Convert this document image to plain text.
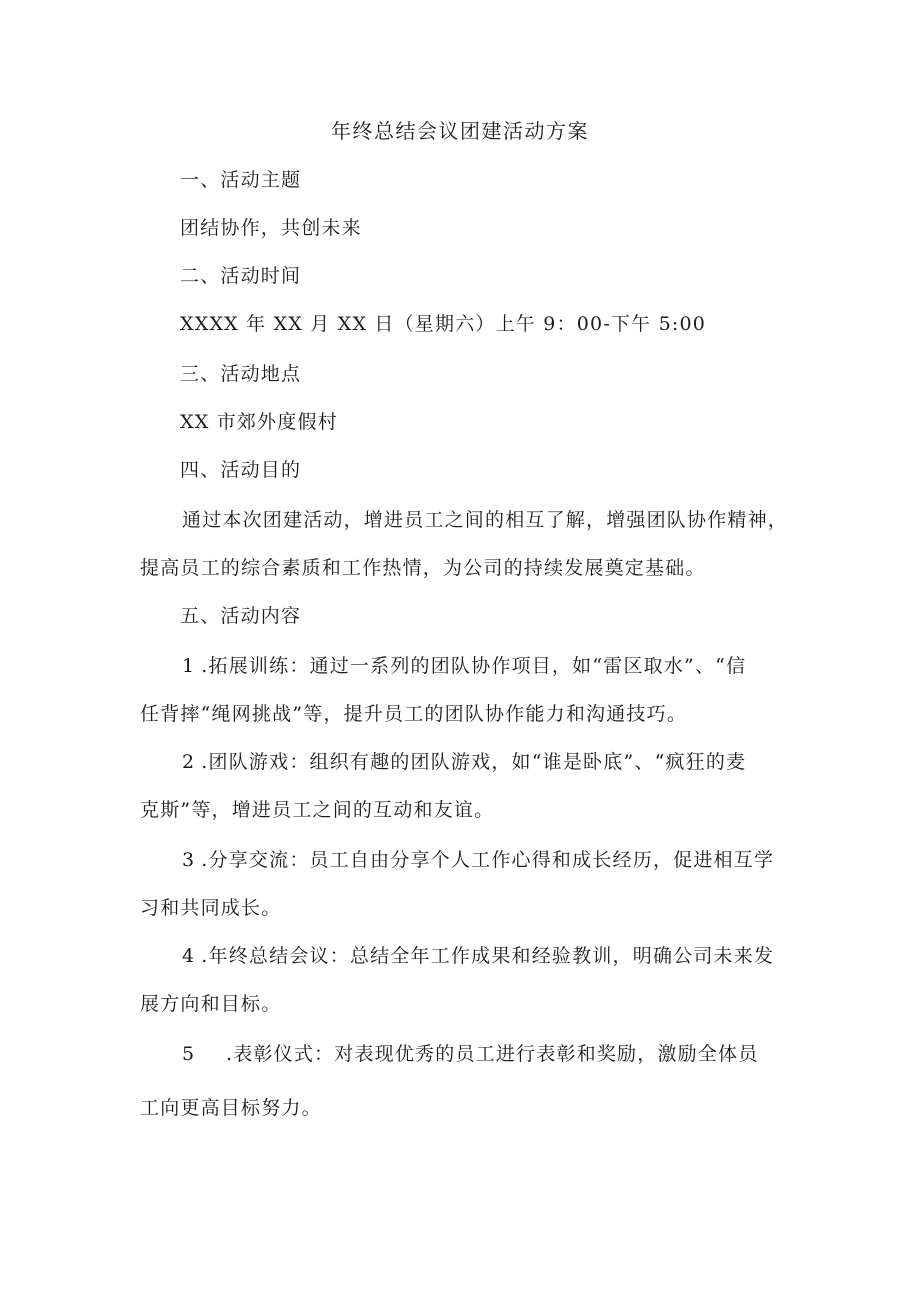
年终总结会议团建活动方案
一、活动主题
团结协作，共创未来
二、活动时间
XXXX 年 XX 月 XX 日（星期六）上午 9：00-下午 5:00
三、活动地点
XX 市郊外度假村
四、活动目的
通过本次团建活动，增进员工之间的相互了解，增强团队协作精神，
提高员工的综合素质和工作热情，为公司的持续发展奠定基础。
五、活动内容
1 .拓展训练：通过一系列的团队协作项目，如“雷区取水”、“信
任背摔“绳网挑战”等，提升员工的团队协作能力和沟通技巧。
2 .团队游戏：组织有趣的团队游戏，如“谁是卧底”、“疯狂的麦
克斯”等，增进员工之间的互动和友谊。
3 .分享交流：员工自由分享个人工作心得和成长经历，促进相互学
习和共同成长。
4 .年终总结会议：总结全年工作成果和经验教训，明确公司未来发
展方向和目标。
5 .表彰仪式：对表现优秀的员工进行表彰和奖励，激励全体员
工向更高目标努力。
